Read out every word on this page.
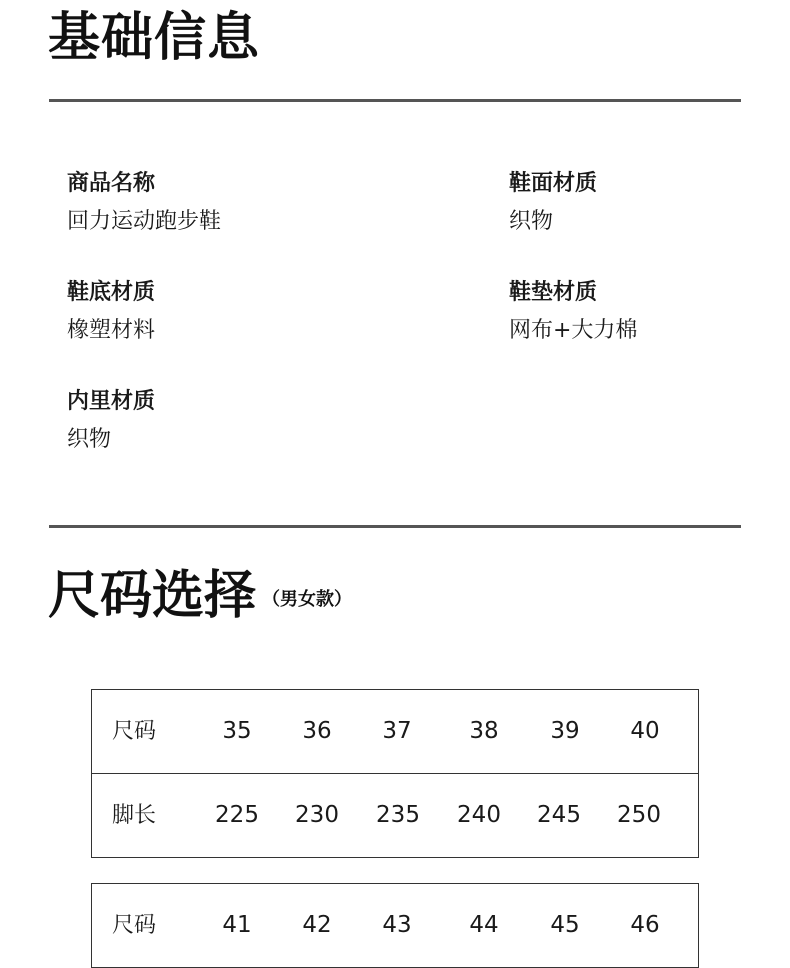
基础信息
商品名称
回力运动跑步鞋
鞋面材质
织物
鞋底材质
橡塑材料
鞋垫材质
网布+大力棉
内里材质
织物
尺码选择 （男女款）
尺码	35	36	37	38	39	40
脚长	225	230	235	240	245	250
尺码	41	42	43	44	45	46
